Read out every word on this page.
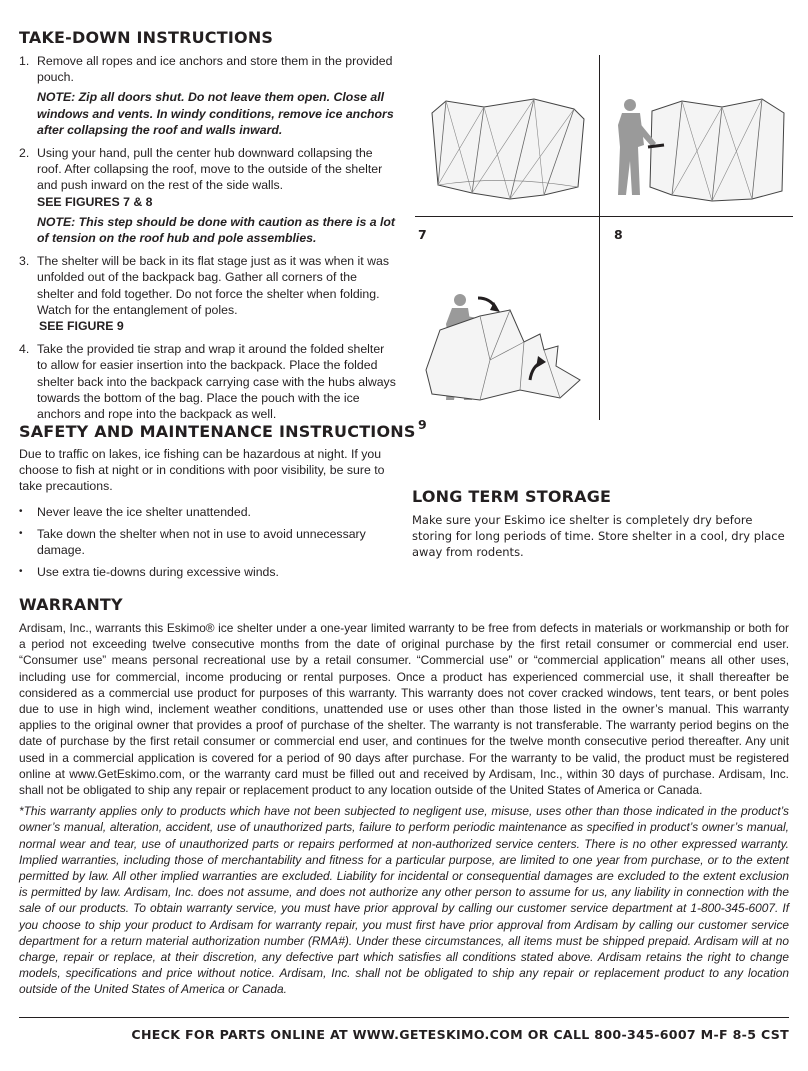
TAKE-DOWN INSTRUCTIONS
1. Remove all ropes and ice anchors and store them in the provided pouch.
NOTE: Zip all doors shut. Do not leave them open. Close all windows and vents. In windy conditions, remove ice anchors after collapsing the roof and walls inward.
2. Using your hand, pull the center hub downward collapsing the roof. After collapsing the roof, move to the outside of the shelter and push inward on the rest of the side walls.
SEE FIGURES 7 & 8
NOTE: This step should be done with caution as there is a lot of tension on the roof hub and pole assemblies.
3. The shelter will be back in its flat stage just as it was when it was unfolded out of the backpack bag. Gather all corners of the shelter and fold together. Do not force the shelter when folding. Watch for the entanglement of poles.
SEE FIGURE 9
4. Take the provided tie strap and wrap it around the folded shelter to allow for easier insertion into the backpack. Place the folded shelter back into the backpack carrying case with the hubs always towards the bottom of the bag. Place the pouch with the ice anchors and rope into the backpack as well.
SAFETY AND MAINTENANCE INSTRUCTIONS
Due to traffic on lakes, ice fishing can be hazardous at night. If you choose to fish at night or in conditions with poor visibility, be sure to take precautions.
• Never leave the ice shelter unattended.
• Take down the shelter when not in use to avoid unnecessary damage.
• Use extra tie-downs during excessive winds.
7	8
9
LONG TERM STORAGE
Make sure your Eskimo ice shelter is completely dry before storing for long periods of time. Store shelter in a cool, dry place away from rodents.
WARRANTY

Ardisam, Inc., warrants this Eskimo® ice shelter under a one-year limited warranty to be free from defects in materials or workmanship or both for a period not exceeding twelve consecutive months from the date of original purchase by the first retail consumer or commercial end user. “Consumer use” means personal recreational use by a retail consumer. “Commercial use” or “commercial application” means all other uses, including use for commercial, income producing or rental purposes. Once a product has experienced commercial use, it shall thereafter be considered as a commercial use product for purposes of this warranty. This warranty does not cover cracked windows, tent tears, or bent poles due to use in high wind, inclement weather conditions, unattended use or uses other than those listed in the owner’s manual. This warranty applies to the original owner that provides a proof of purchase of the shelter. The warranty is not transferable. The warranty period begins on the date of purchase by the first retail consumer or commercial end user, and continues for the twelve month consecutive period thereafter. Any unit used in a commercial application is covered for a period of 90 days after purchase. For the warranty to be valid, the product must be registered online at www.GetEskimo.com, or the warranty card must be filled out and received by Ardisam, Inc., within 30 days of purchase. Ardisam, Inc. shall not be obligated to ship any repair or replacement product to any location outside of the United States of America or Canada.

*This warranty applies only to products which have not been subjected to negligent use, misuse, uses other than those indicated in the product’s owner’s manual, alteration, accident, use of unauthorized parts, failure to perform periodic maintenance as specified in product’s owner’s manual, normal wear and tear, use of unauthorized parts or repairs performed at non-authorized service centers. There is no other expressed warranty. Implied warranties, including those of merchantability and fitness for a particular purpose, are limited to one year from purchase, or to the extent permitted by law. All other implied warranties are excluded. Liability for incidental or consequential damages are excluded to the extent exclusion is permitted by law. Ardisam, Inc. does not assume, and does not authorize any other person to assume for us, any liability in connection with the sale of our products. To obtain warranty service, you must have prior approval by calling our customer service department at 1-800-345-6007. If you choose to ship your product to Ardisam for warranty repair, you must first have prior approval from Ardisam by calling our customer service department for a return material authorization number (RMA#). Under these circumstances, all items must be shipped prepaid. Ardisam will at no charge, repair or replace, at their discretion, any defective part which satisfies all conditions stated above. Ardisam retains the right to change models, specifications and price without notice. Ardisam, Inc. shall not be obligated to ship any repair or replacement product to any location outside of the United States of America or Canada.

CHECK FOR PARTS ONLINE AT WWW.GETESKIMO.COM OR CALL 800-345-6007 M-F 8-5 CST
